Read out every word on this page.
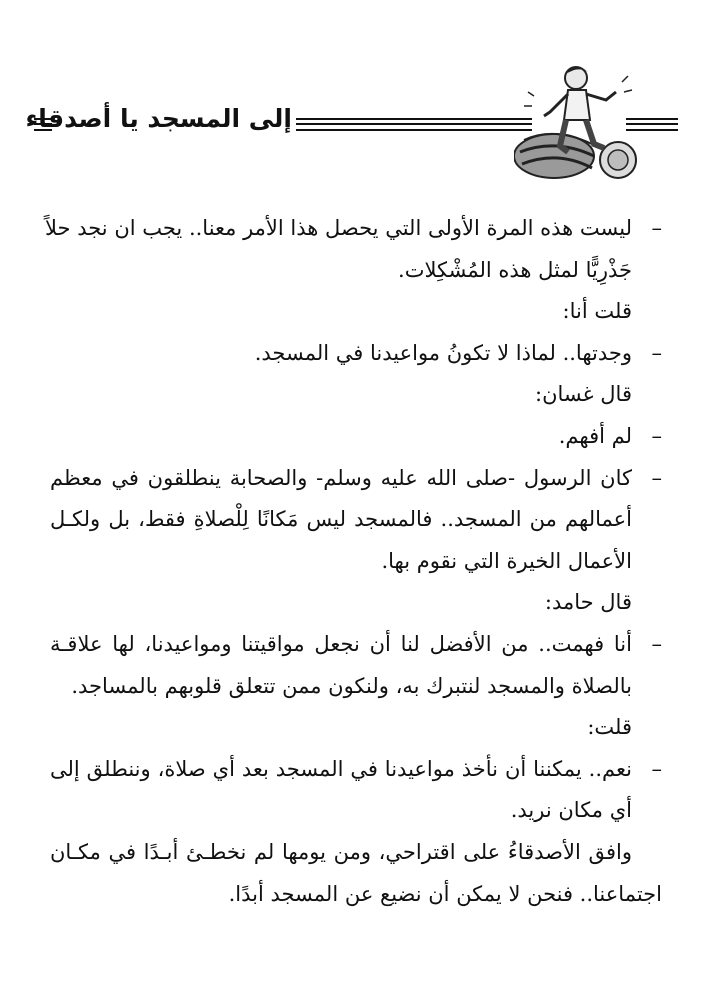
إلى المسجد يا أصدقاء
–ليست هذه المرة الأولى التي يحصل هذا الأمر معنا.. يجب ان نجد حلاً
جَذْرِيًّا لمثل هذه المُشْكِلات.
قلت أنا:
–وجدتها.. لماذا لا تكونُ مواعيدنا في المسجد.
قال غسان:
–لم أفهم.
–كان الرسول -صلى الله عليه وسلم- والصحابة ينطلقون في معظم
أعمالهم من المسجد.. فالمسجد ليس مَكانًا لِلْصلاةِ فقط، بل ولكـل
الأعمال الخيرة التي نقوم بها.
قال حامد:
–أنا فهمت.. من الأفضل لنا أن نجعل مواقيتنا ومواعيدنا، لها علاقـة
بالصلاة والمسجد لنتبرك به، ولنكون ممن تتعلق قلوبهم بالمساجد.
قلت:
–نعم.. يمكننا أن نأخذ مواعيدنا في المسجد بعد أي صلاة، وننطلق إلى
أي مكان نريد.
وافق الأصدقاءُ على اقتراحي، ومن يومها لم نخطـئ أبـدًا في مكـان
اجتماعنا.. فنحن لا يمكن أن نضيع عن المسجد أبدًا.
